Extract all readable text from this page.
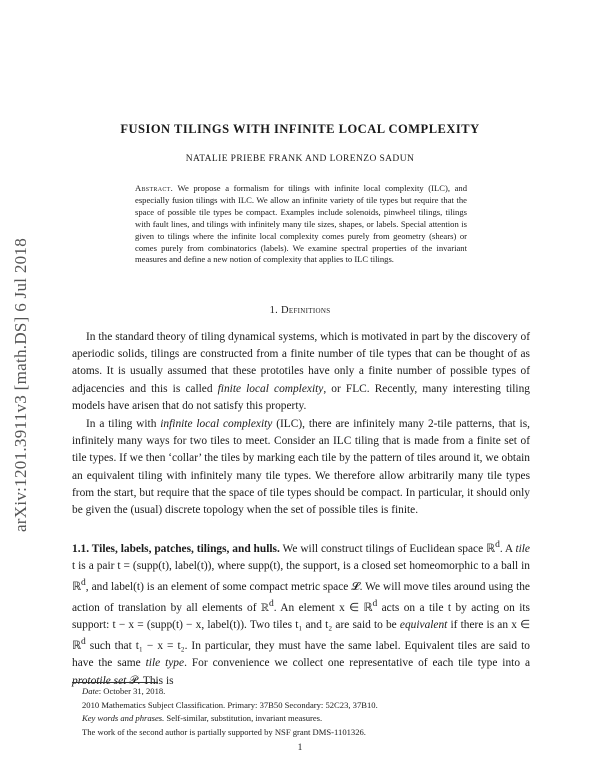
arXiv:1201.3911v3 [math.DS] 6 Jul 2018
FUSION TILINGS WITH INFINITE LOCAL COMPLEXITY
NATALIE PRIEBE FRANK AND LORENZO SADUN
Abstract. We propose a formalism for tilings with infinite local complexity (ILC), and especially fusion tilings with ILC. We allow an infinite variety of tile types but require that the space of possible tile types be compact. Examples include solenoids, pinwheel tilings, tilings with fault lines, and tilings with infinitely many tile sizes, shapes, or labels. Special attention is given to tilings where the infinite local complexity comes purely from geometry (shears) or comes purely from combinatorics (labels). We examine spectral properties of the invariant measures and define a new notion of complexity that applies to ILC tilings.
1. Definitions

In the standard theory of tiling dynamical systems, which is motivated in part by the discovery of aperiodic solids, tilings are constructed from a finite number of tile types that can be thought of as atoms. It is usually assumed that these prototiles have only a finite number of possible types of adjacencies and this is called finite local complexity, or FLC. Recently, many interesting tiling models have arisen that do not satisfy this property.

In a tiling with infinite local complexity (ILC), there are infinitely many 2-tile patterns, that is, infinitely many ways for two tiles to meet. Consider an ILC tiling that is made from a finite set of tile types. If we then ‘collar’ the tiles by marking each tile by the pattern of tiles around it, we obtain an equivalent tiling with infinitely many tile types. We therefore allow arbitrarily many tile types from the start, but require that the space of tile types should be compact. In particular, it should only be given the (usual) discrete topology when the set of possible tiles is finite.

1.1. Tiles, labels, patches, tilings, and hulls. We will construct tilings of Euclidean space ℝ$^d$. A tile t is a pair t = (supp(t), label(t)), where supp(t), the support, is a closed set homeomorphic to a ball in ℝ$^d$, and label(t) is an element of some compact metric space 𝓛. We will move tiles around using the action of translation by all elements of ℝ$^d$. An element x ∈ ℝ$^d$ acts on a tile t by acting on its support: t − x = (supp(t) − x, label(t)). Two tiles t₁ and t₂ are said to be equivalent if there is an x ∈ ℝ$^d$ such that t₁ − x = t₂. In particular, they must have the same label. Equivalent tiles are said to have the same tile type. For convenience we collect one representative of each tile type into a prototile set 𝒫. This is

Date: October 31, 2018.
2010 Mathematics Subject Classification. Primary: 37B50 Secondary: 52C23, 37B10.
Key words and phrases. Self-similar, substitution, invariant measures.
The work of the second author is partially supported by NSF grant DMS-1101326.
1
